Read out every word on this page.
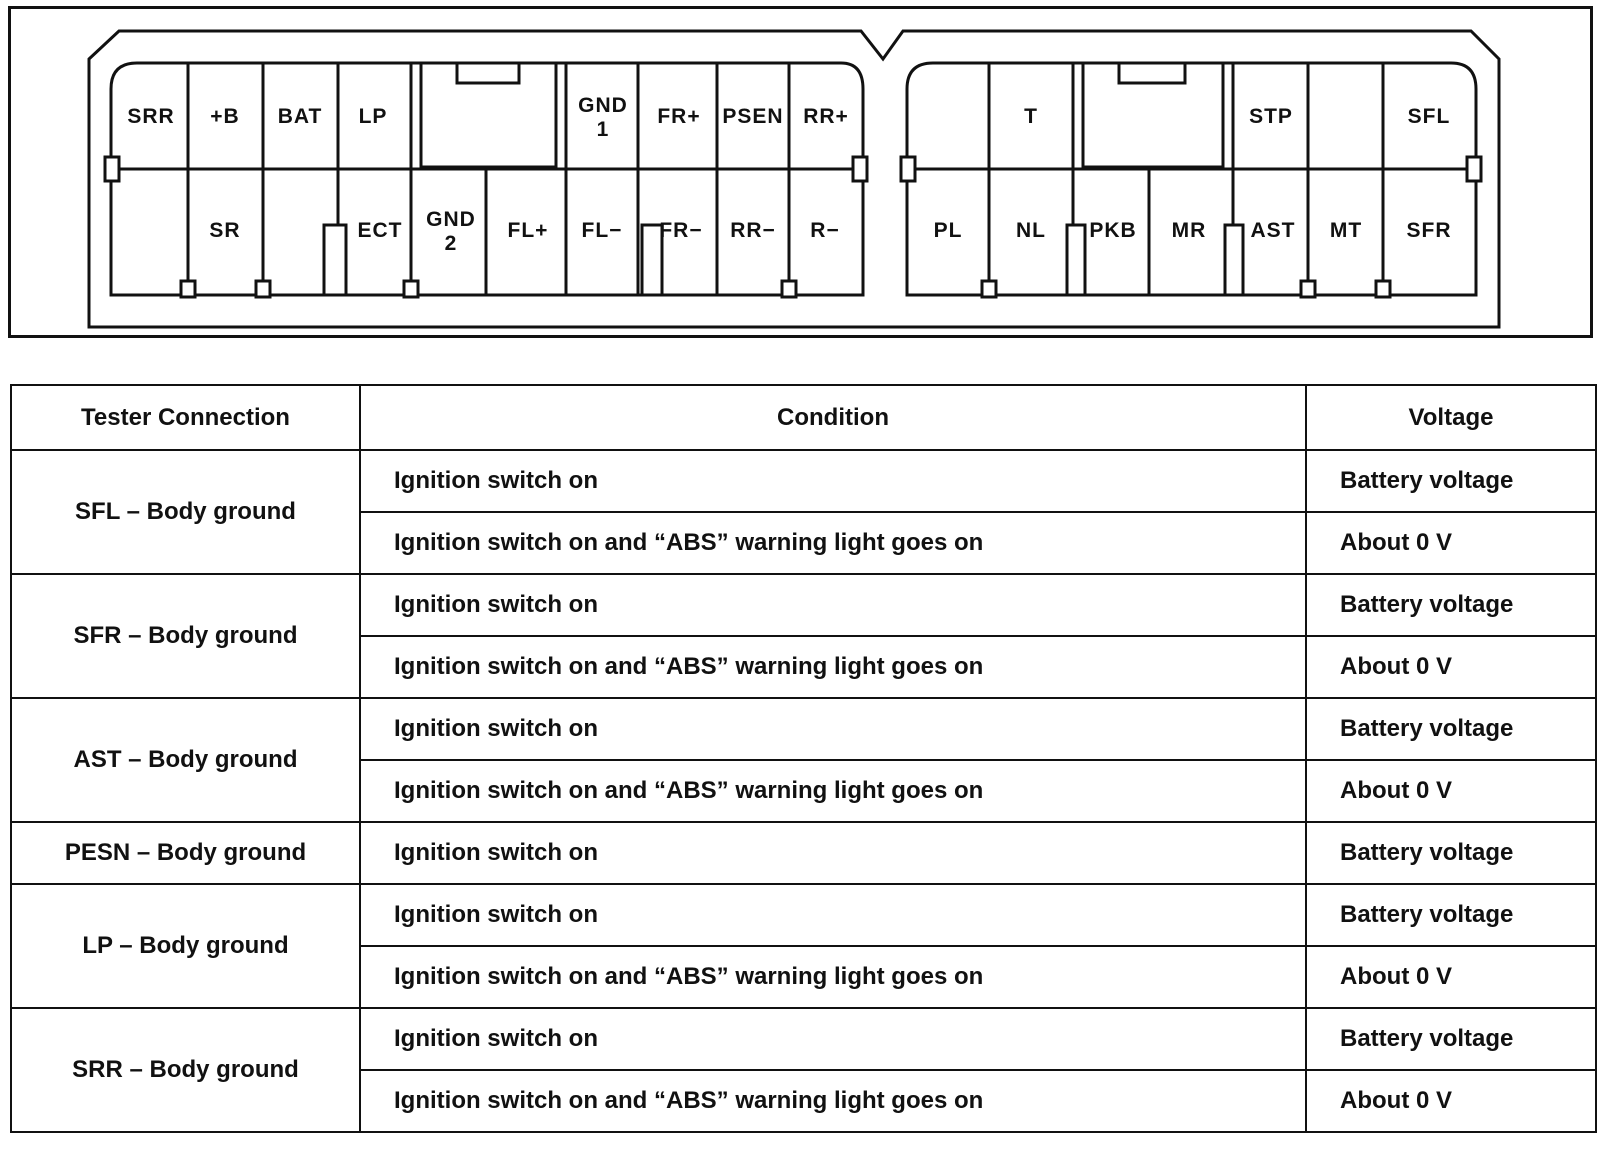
SRR +B BAT LP	GND 1
FR+ PSEN RR+
SR	ECT GND 2
FL+ FL− FR− RR− R−
T	STP	SFL
PL	NL PKB MR AST MT SFR
Tester Connection	Condition	Voltage
SFL – Body ground	Ignition switch on	Battery voltage
	Ignition switch on and “ABS” warning light goes on	About 0 V
SFR – Body ground	Ignition switch on	Battery voltage
	Ignition switch on and “ABS” warning light goes on	About 0 V
AST – Body ground	Ignition switch on	Battery voltage
	Ignition switch on and “ABS” warning light goes on	About 0 V
PESN – Body ground	Ignition switch on	Battery voltage
LP – Body ground	Ignition switch on	Battery voltage
	Ignition switch on and “ABS” warning light goes on	About 0 V
SRR – Body ground	Ignition switch on	Battery voltage
	Ignition switch on and “ABS” warning light goes on	About 0 V
